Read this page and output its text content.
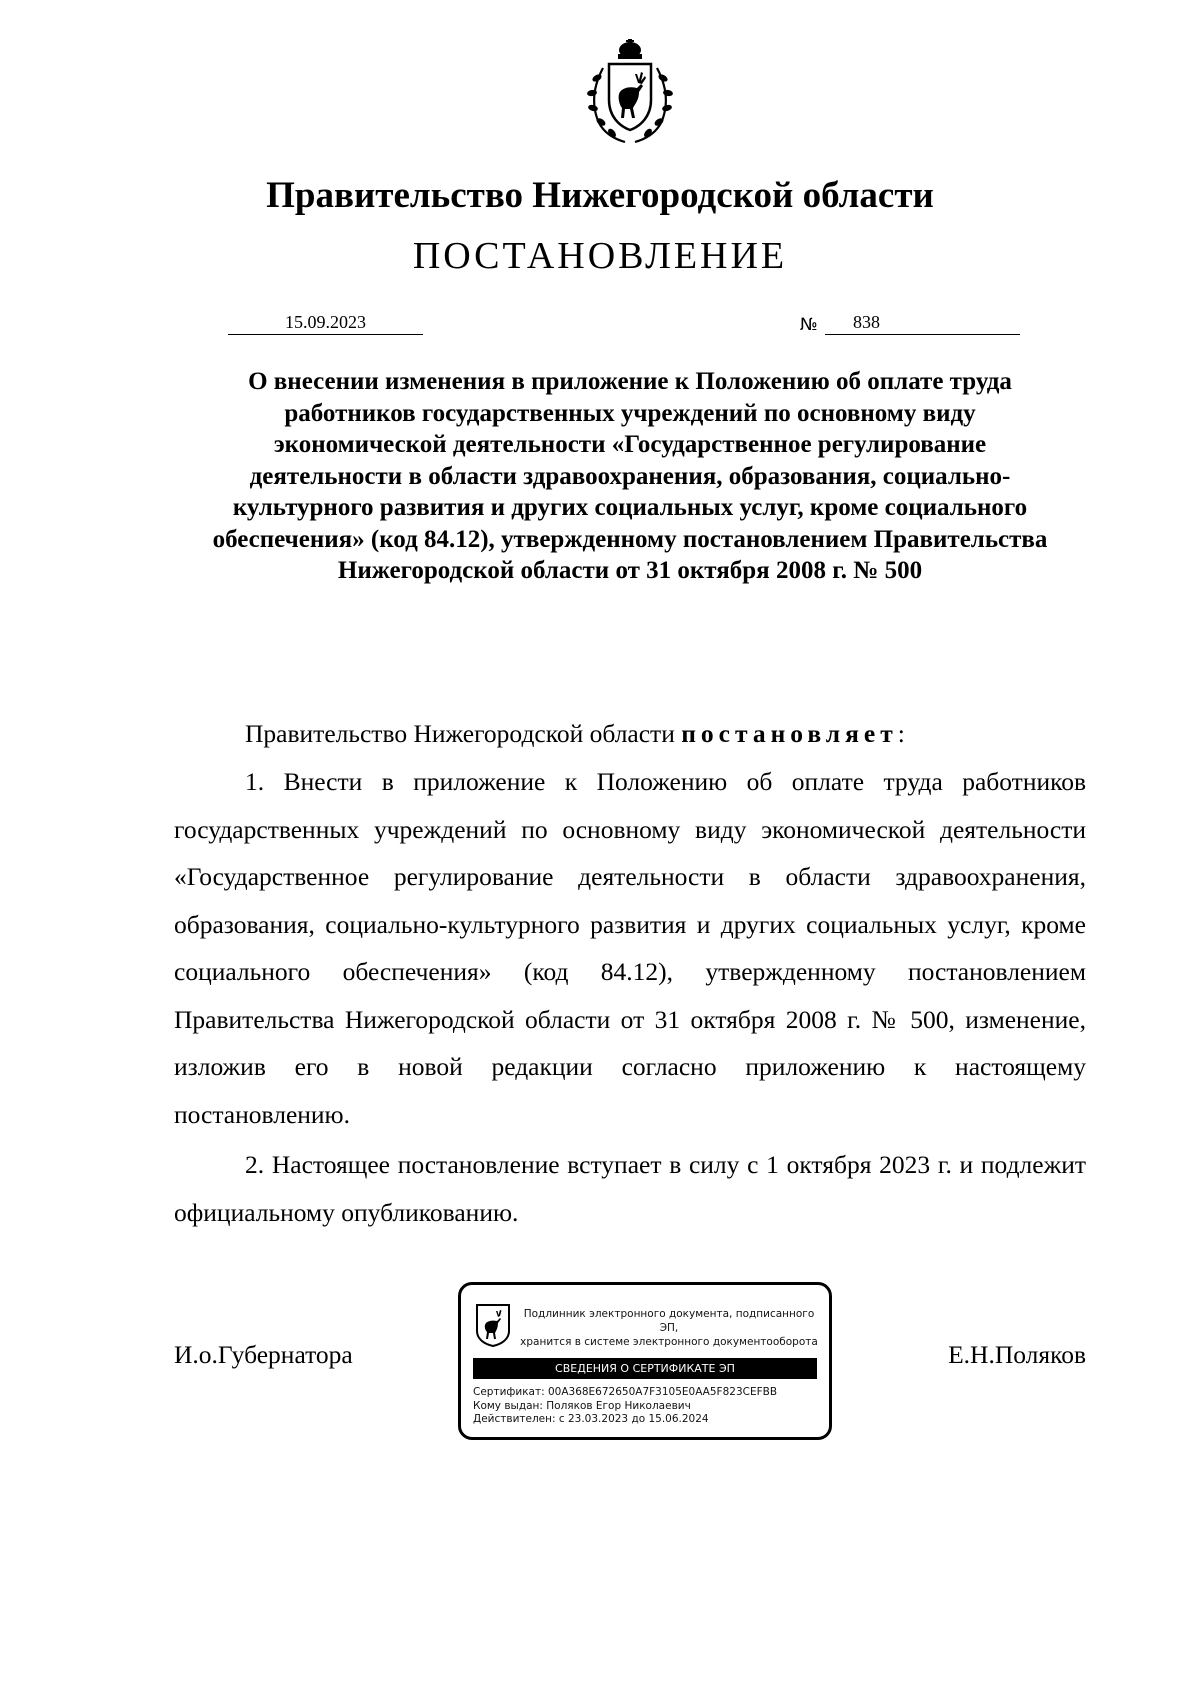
Правительство Нижегородской области
ПОСТАНОВЛЕНИЕ
15.09.2023	№	838
О внесении изменения в приложение к Положению об оплате труда работников государственных учреждений по основному виду экономической деятельности «Государственное регулирование деятельности в области здравоохранения, образования, социально-культурного развития и других социальных услуг, кроме социального обеспечения» (код 84.12), утвержденному постановлением Правительства Нижегородской области от 31 октября 2008 г. № 500
Правительство Нижегородской области постановляет:
1. Внести в приложение к Положению об оплате труда работников государственных учреждений по основному виду экономической деятельности «Государственное регулирование деятельности в области здравоохранения, образования, социально-культурного развития и других социальных услуг, кроме социального обеспечения» (код 84.12), утвержденному постановлением Правительства Нижегородской области от 31 октября 2008 г. № 500, изменение, изложив его в новой редакции согласно приложению к настоящему постановлению.
2. Настоящее постановление вступает в силу с 1 октября 2023 г. и подлежит официальному опубликованию.
И.о.Губернатора
Подлинник электронного документа, подписанного ЭП,
хранится в системе электронного документооборота
СВЕДЕНИЯ О СЕРТИФИКАТЕ ЭП
Сертификат: 00A368E672650A7F3105E0AA5F823CEFBB
Кому выдан: Поляков Егор Николаевич
Действителен: с 23.03.2023 до 15.06.2024
Е.Н.Поляков
